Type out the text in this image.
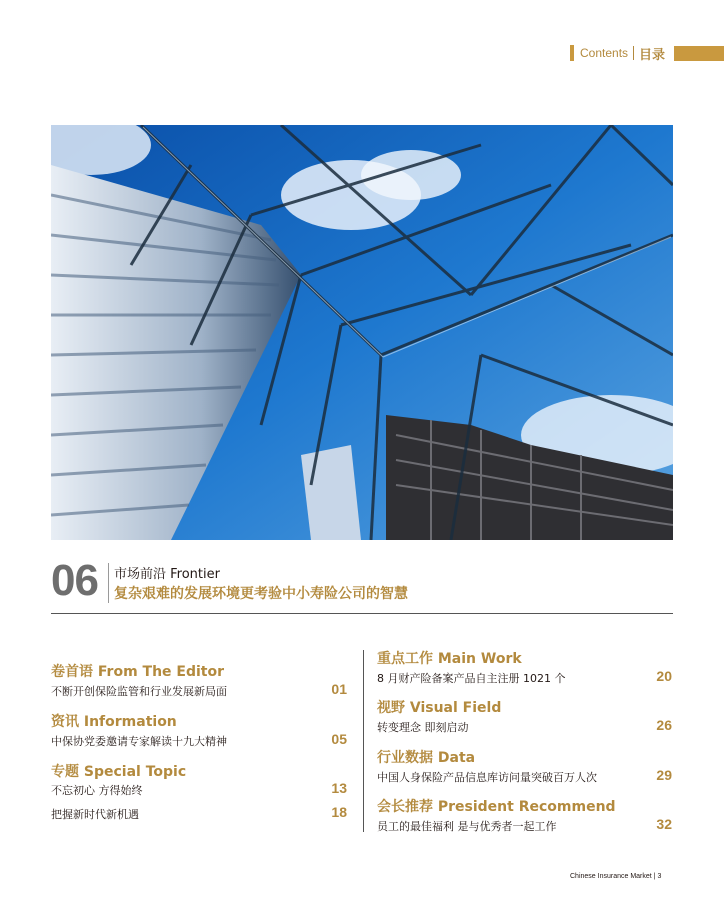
Contents 目录
06 市场前沿 Frontier
复杂艰难的发展环境更考验中小寿险公司的智慧
卷首语 From The Editor
不断开创保险监管和行业发展新局面	01
资讯 Information
中保协党委邀请专家解读十九大精神	05
专题 Special Topic
不忘初心 方得始终	13
把握新时代新机遇	18
重点工作 Main Work
8 月财产险备案产品自主注册 1021 个	20
视野 Visual Field
转变理念 即刻启动	26
行业数据 Data
中国人身保险产品信息库访问量突破百万人次	29
会长推荐 President Recommend
员工的最佳福利 是与优秀者一起工作	32
Chinese Insurance Market | 3
